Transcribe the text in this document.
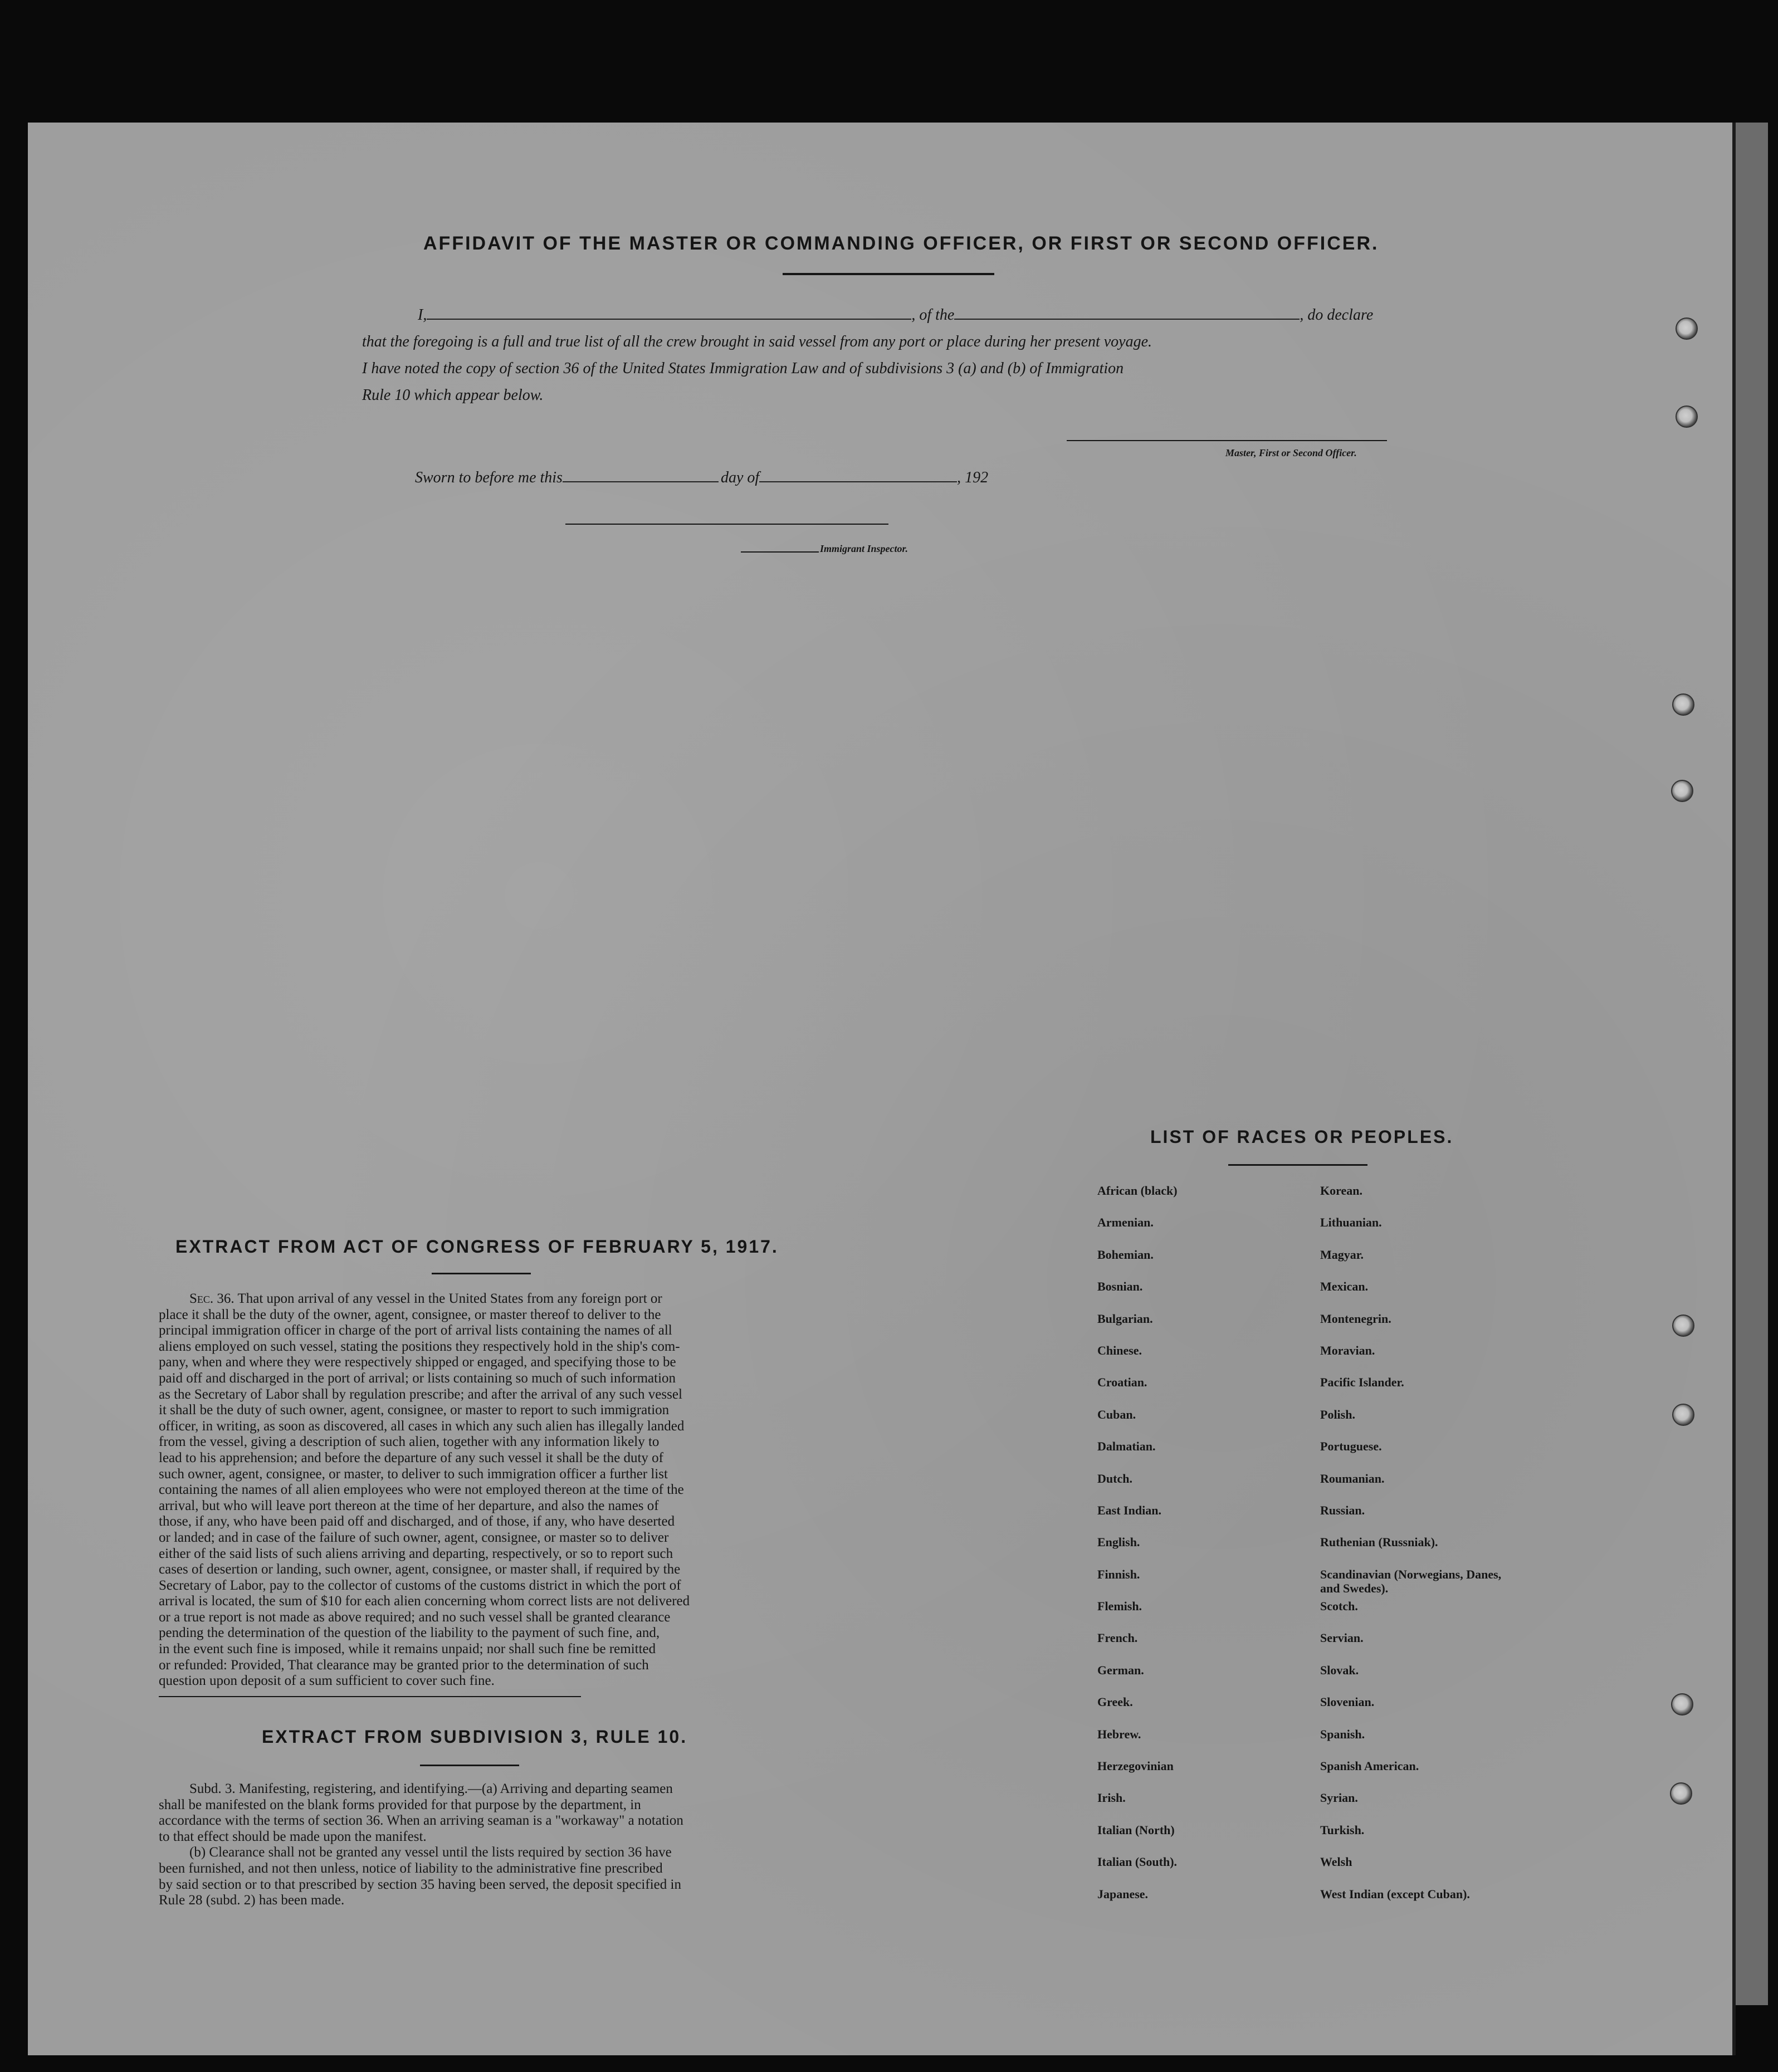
AFFIDAVIT OF THE MASTER OR COMMANDING OFFICER, OR FIRST OR SECOND OFFICER.
I,	, of the	, do declare
that the foregoing is a full and true list of all the crew brought in said vessel from any port or place during her present voyage.
I have noted the copy of section 36 of the United States Immigration Law and of subdivisions 3 (a) and (b) of Immigration
Rule 10 which appear below.
Master, First or Second Officer.
Sworn to before me this	day of	, 192
Immigrant Inspector.
EXTRACT FROM ACT OF CONGRESS OF FEBRUARY 5, 1917.
Sec. 36. That upon arrival of any vessel in the United States from any foreign port or
place it shall be the duty of the owner, agent, consignee, or master thereof to deliver to the
principal immigration officer in charge of the port of arrival lists containing the names of all
aliens employed on such vessel, stating the positions they respectively hold in the ship's com-
pany, when and where they were respectively shipped or engaged, and specifying those to be
paid off and discharged in the port of arrival; or lists containing so much of such information
as the Secretary of Labor shall by regulation prescribe; and after the arrival of any such vessel
it shall be the duty of such owner, agent, consignee, or master to report to such immigration
officer, in writing, as soon as discovered, all cases in which any such alien has illegally landed
from the vessel, giving a description of such alien, together with any information likely to
lead to his apprehension; and before the departure of any such vessel it shall be the duty of
such owner, agent, consignee, or master, to deliver to such immigration officer a further list
containing the names of all alien employees who were not employed thereon at the time of the
arrival, but who will leave port thereon at the time of her departure, and also the names of
those, if any, who have been paid off and discharged, and of those, if any, who have deserted
or landed; and in case of the failure of such owner, agent, consignee, or master so to deliver
either of the said lists of such aliens arriving and departing, respectively, or so to report such
cases of desertion or landing, such owner, agent, consignee, or master shall, if required by the
Secretary of Labor, pay to the collector of customs of the customs district in which the port of
arrival is located, the sum of $10 for each alien concerning whom correct lists are not delivered
or a true report is not made as above required; and no such vessel shall be granted clearance
pending the determination of the question of the liability to the payment of such fine, and,
in the event such fine is imposed, while it remains unpaid; nor shall such fine be remitted
or refunded: Provided, That clearance may be granted prior to the determination of such
question upon deposit of a sum sufficient to cover such fine.
EXTRACT FROM SUBDIVISION 3, RULE 10.
Subd. 3. Manifesting, registering, and identifying.—(a) Arriving and departing seamen
shall be manifested on the blank forms provided for that purpose by the department, in
accordance with the terms of section 36. When an arriving seaman is a "workaway" a notation
to that effect should be made upon the manifest.
(b) Clearance shall not be granted any vessel until the lists required by section 36 have
been furnished, and not then unless, notice of liability to the administrative fine prescribed
by said section or to that prescribed by section 35 having been served, the deposit specified in
Rule 28 (subd. 2) has been made.
LIST OF RACES OR PEOPLES.
African (black)	Korean.
Armenian.	Lithuanian.
Bohemian.	Magyar.
Bosnian.	Mexican.
Bulgarian.	Montenegrin.
Chinese.	Moravian.
Croatian.	Pacific Islander.
Cuban.	Polish.
Dalmatian.	Portuguese.
Dutch.	Roumanian.
East Indian.	Russian.
English.	Ruthenian (Russniak).
Finnish.	Scandinavian (Norwegians, Danes, and Swedes).
Flemish.	Scotch.
French.	Servian.
German.	Slovak.
Greek.	Slovenian.
Hebrew.	Spanish.
Herzegovinian	Spanish American.
Irish.	Syrian.
Italian (North)	Turkish.
Italian (South).	Welsh
Japanese.	West Indian (except Cuban).
